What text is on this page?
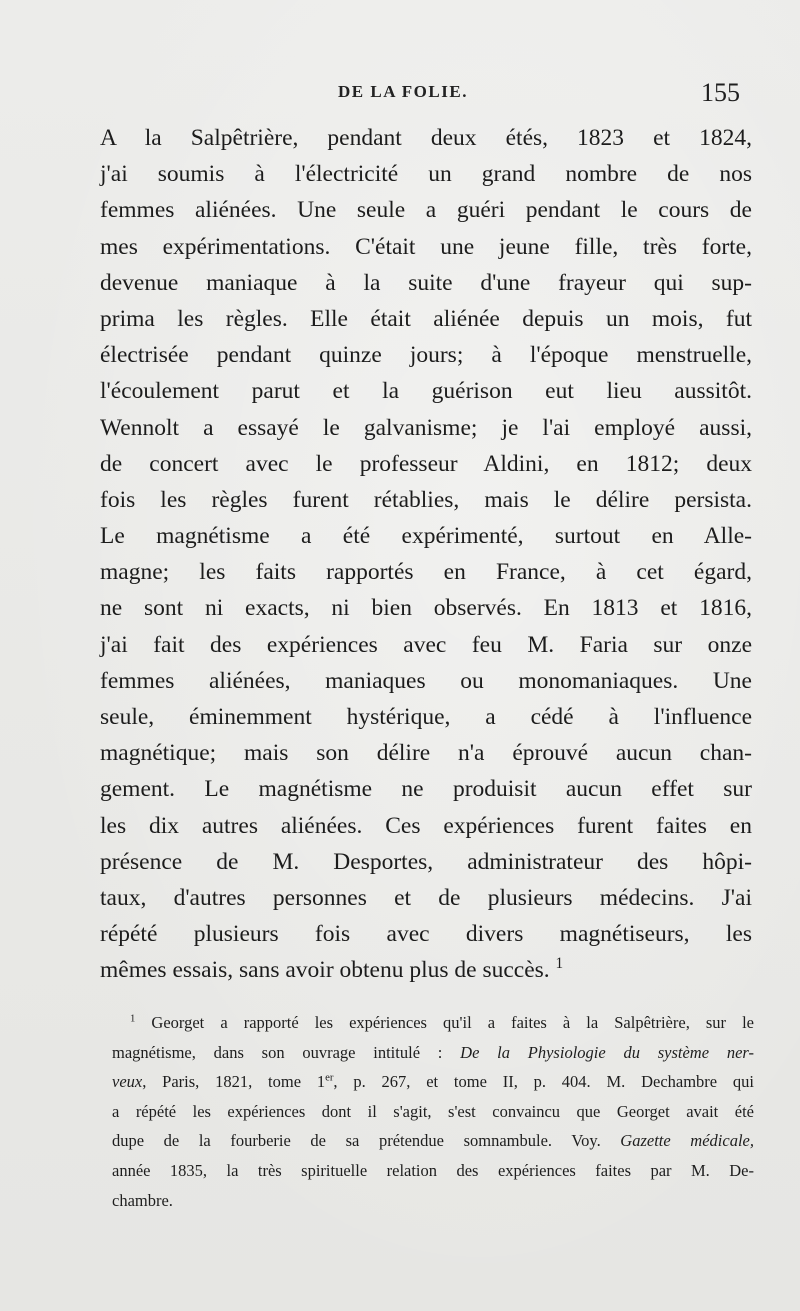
DE LA FOLIE.	155
A la Salpêtrière, pendant deux étés, 1823 et 1824,
j'ai soumis à l'électricité un grand nombre de nos
femmes aliénées. Une seule a guéri pendant le cours de
mes expérimentations. C'était une jeune fille, très forte,
devenue maniaque à la suite d'une frayeur qui sup-
prima les règles. Elle était aliénée depuis un mois, fut
électrisée pendant quinze jours; à l'époque menstruelle,
l'écoulement parut et la guérison eut lieu aussitôt.
Wennolt a essayé le galvanisme; je l'ai employé aussi,
de concert avec le professeur Aldini, en 1812; deux
fois les règles furent rétablies, mais le délire persista.
Le magnétisme a été expérimenté, surtout en Alle-
magne; les faits rapportés en France, à cet égard,
ne sont ni exacts, ni bien observés. En 1813 et 1816,
j'ai fait des expériences avec feu M. Faria sur onze
femmes aliénées, maniaques ou monomaniaques. Une
seule, éminemment hystérique, a cédé à l'influence
magnétique; mais son délire n'a éprouvé aucun chan-
gement. Le magnétisme ne produisit aucun effet sur
les dix autres aliénées. Ces expériences furent faites en
présence de M. Desportes, administrateur des hôpi-
taux, d'autres personnes et de plusieurs médecins. J'ai
répété plusieurs fois avec divers magnétiseurs, les
mêmes essais, sans avoir obtenu plus de succès. $^1$
$^1$ Georget a rapporté les expériences qu'il a faites à la Salpêtrière, sur le
magnétisme, dans son ouvrage intitulé : De la Physiologie du système ner-
veux, Paris, 1821, tome 1er, p. 267, et tome II, p. 404. M. Dechambre qui
a répété les expériences dont il s'agit, s'est convaincu que Georget avait été
dupe de la fourberie de sa prétendue somnambule. Voy. Gazette médicale,
année 1835, la très spirituelle relation des expériences faites par M. De-
chambre.
